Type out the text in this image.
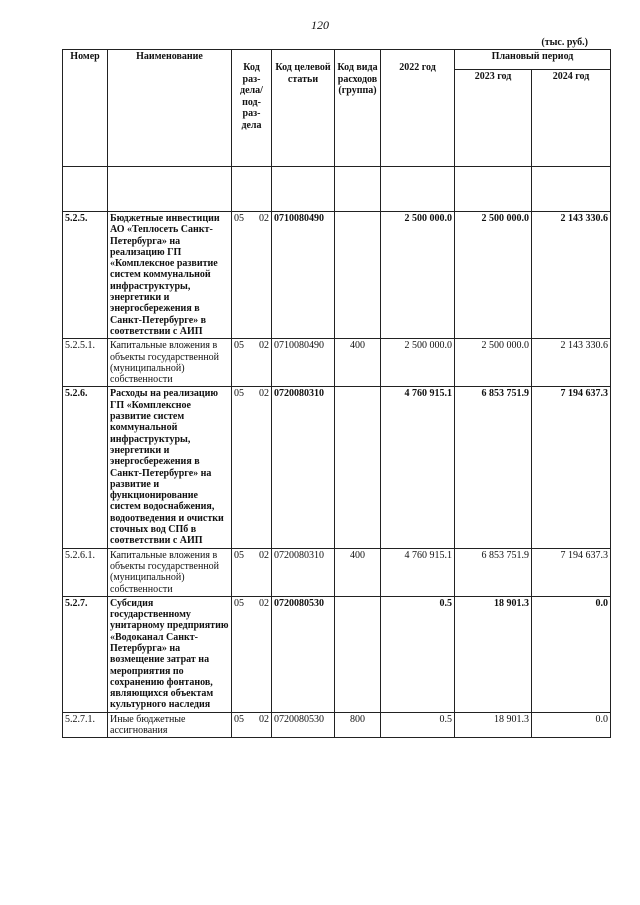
120
(тыс. руб.)
Номер	Наименование	Код раз-дела/ под-раз-дела	Код целевой статьи	Код вида расходов (группа)	2022 год	Плановый период	
						2023 год	2024 год

5.2.5.	Бюджетные инвестиции АО «Теплосеть Санкт-Петербурга» на реализацию ГП «Комплексное развитие систем коммунальной инфраструктуры, энергетики и энергосбережения в Санкт-Петербурге» в соответствии с АИП	05 02	0710080490		2 500 000.0	2 500 000.0	2 143 330.6
5.2.5.1.	Капитальные вложения в объекты государственной (муниципальной) собственности	05 02	0710080490	400	2 500 000.0	2 500 000.0	2 143 330.6
5.2.6.	Расходы на реализацию ГП «Комплексное развитие систем коммунальной инфраструктуры, энергетики и энергосбережения в Санкт-Петербурге» на развитие и функционирование систем водоснабжения, водоотведения и очистки сточных вод СПб в соответствии с АИП	05 02	0720080310		4 760 915.1	6 853 751.9	7 194 637.3
5.2.6.1.	Капитальные вложения в объекты государственной (муниципальной) собственности	05 02	0720080310	400	4 760 915.1	6 853 751.9	7 194 637.3
5.2.7.	Субсидия государственному унитарному предприятию «Водоканал Санкт-Петербурга» на возмещение затрат на мероприятия по сохранению фонтанов, являющихся объектам культурного наследия	05 02	0720080530		0.5	18 901.3	0.0
5.2.7.1.	Иные бюджетные ассигнования	05 02	0720080530	800	0.5	18 901.3	0.0
